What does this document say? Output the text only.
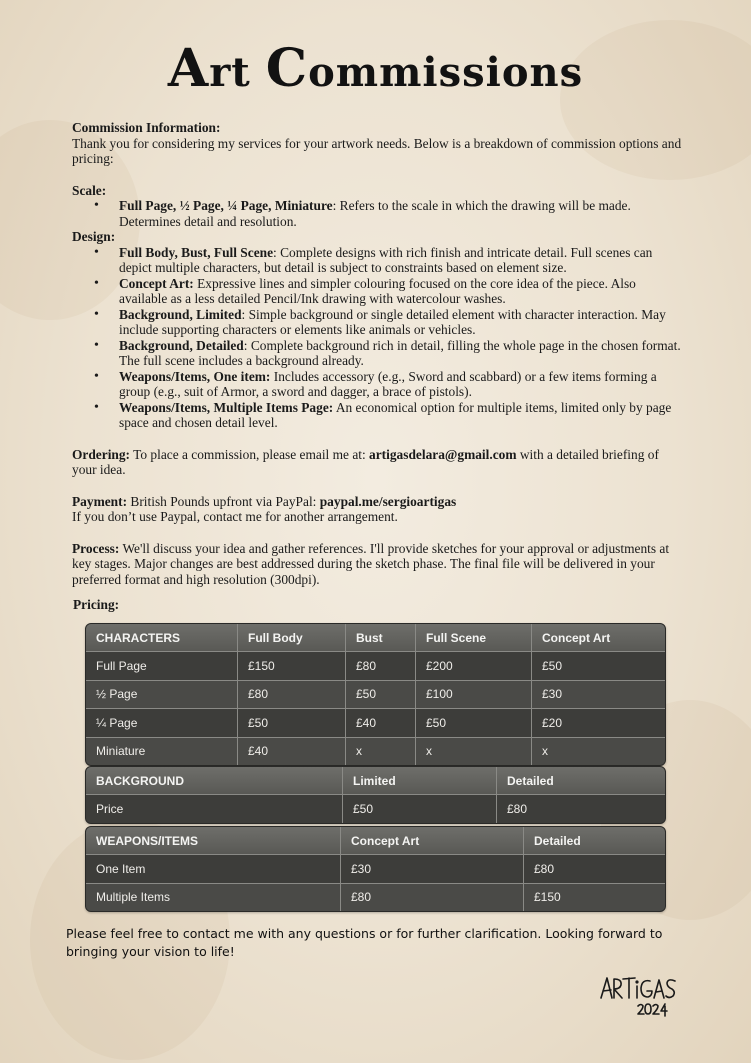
Art Commissions

Commission Information:

Thank you for considering my services for your artwork needs. Below is a breakdown of commission options and pricing:

Scale:

• Full Page, ½ Page, ¼ Page, Miniature: Refers to the scale in which the drawing will be made. Determines detail and resolution.

Design:

• Full Body, Bust, Full Scene: Complete designs with rich finish and intricate detail. Full scenes can depict multiple characters, but detail is subject to constraints based on element size.
• Concept Art: Expressive lines and simpler colouring focused on the core idea of the piece. Also available as a less detailed Pencil/Ink drawing with watercolour washes.
• Background, Limited: Simple background or single detailed element with character interaction. May include supporting characters or elements like animals or vehicles.
• Background, Detailed: Complete background rich in detail, filling the whole page in the chosen format. The full scene includes a background already.
• Weapons/Items, One item: Includes accessory (e.g., Sword and scabbard) or a few items forming a group (e.g., suit of Armor, a sword and dagger, a brace of pistols).
• Weapons/Items, Multiple Items Page: An economical option for multiple items, limited only by page space and chosen detail level.

Ordering: To place a commission, please email me at: artigasdelara@gmail.com with a detailed briefing of your idea.

Payment: British Pounds upfront via PayPal: paypal.me/sergioartigas

If you don’t use Paypal, contact me for another arrangement.

Process: We'll discuss your idea and gather references. I'll provide sketches for your approval or adjustments at key stages. Major changes are best addressed during the sketch phase. The final file will be delivered in your preferred format and high resolution (300dpi).

Pricing:
CHARACTERS	Full Body	Bust	Full Scene	Concept Art
Full Page	£150	£80	£200	£50
½ Page	£80	£50	£100	£30
¼ Page	£50	£40	£50	£20
Miniature	£40	x	x	x
BACKGROUND	Limited	Detailed
Price	£50	£80
WEAPONS/ITEMS	Concept Art	Detailed
One Item	£30	£80
Multiple Items	£80	£150
Please feel free to contact me with any questions or for further clarification. Looking forward to bringing your vision to life!
